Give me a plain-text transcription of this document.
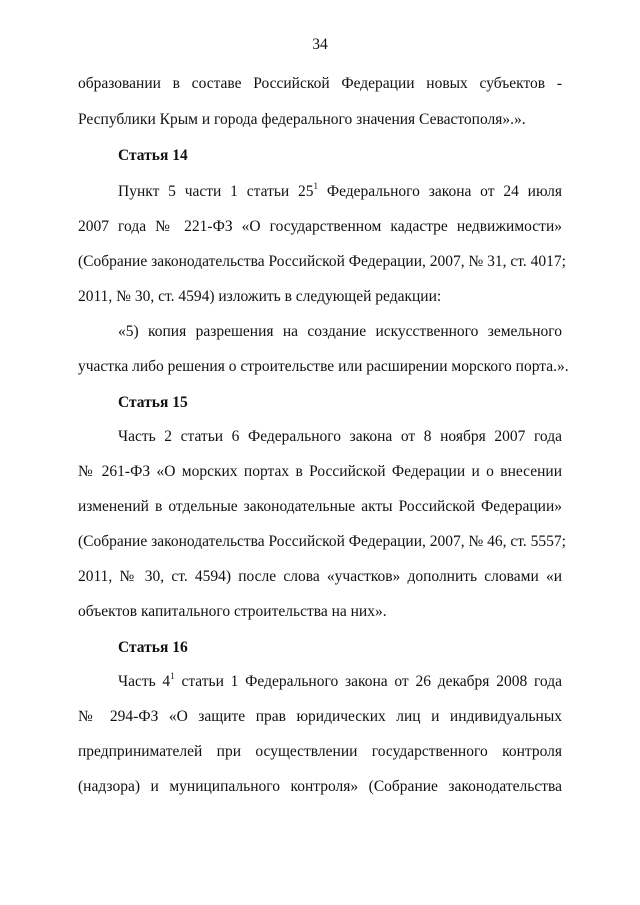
34
образовании в составе Российской Федерации новых субъектов -
Республики Крым и города федерального значения Севастополя».».
Статья 14
Пункт 5 части 1 статьи $25^1$ Федерального закона от 24 июля
2007 года № 221-ФЗ «О государственном кадастре недвижимости»
(Собрание законодательства Российской Федерации, 2007, № 31, ст. 4017;
2011, № 30, ст. 4594) изложить в следующей редакции:
«5) копия разрешения на создание искусственного земельного
участка либо решения о строительстве или расширении морского порта.».
Статья 15
Часть 2 статьи 6 Федерального закона от 8 ноября 2007 года
№ 261-ФЗ «О морских портах в Российской Федерации и о внесении
изменений в отдельные законодательные акты Российской Федерации»
(Собрание законодательства Российской Федерации, 2007, № 46, ст. 5557;
2011, № 30, ст. 4594) после слова «участков» дополнить словами «и
объектов капитального строительства на них».
Статья 16
Часть $4^1$ статьи 1 Федерального закона от 26 декабря 2008 года
№ 294-ФЗ «О защите прав юридических лиц и индивидуальных
предпринимателей при осуществлении государственного контроля
(надзора) и муниципального контроля» (Собрание законодательства
